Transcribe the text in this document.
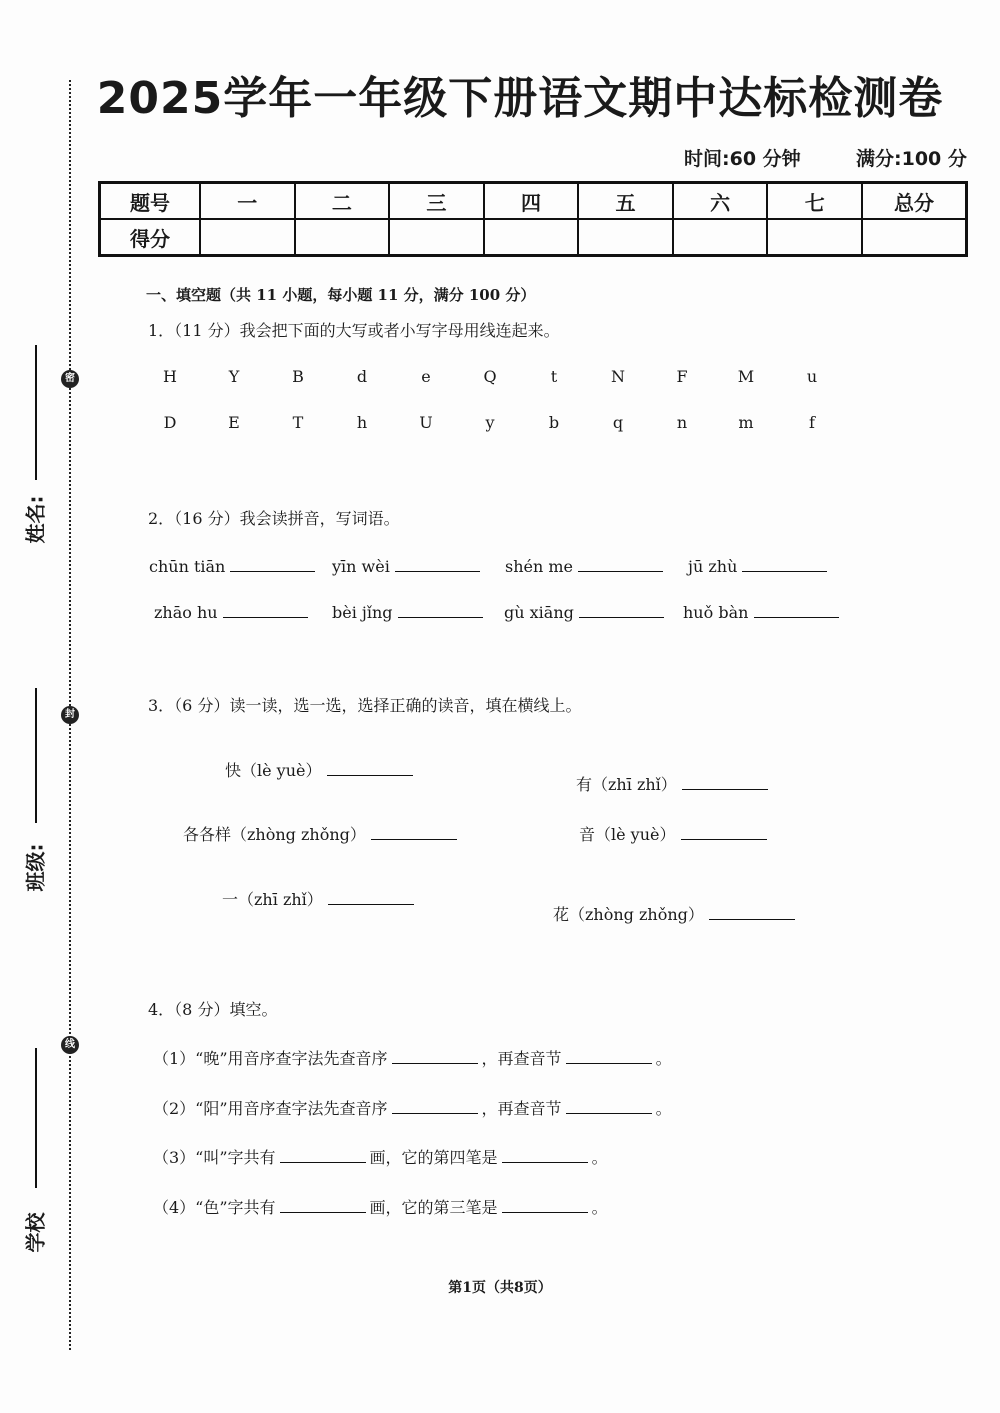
2025学年一年级下册语文期中达标检测卷
时间:60 分钟	满分:100 分
题号	一	二	三	四	五	六	七	总分
得分								
密
封
线
姓名:
班级:
学校
一、填空题（共 11 小题，每小题 11 分，满分 100 分）
1．（11 分）我会把下面的大写或者小写字母用线连起来。
H	Y	B	d	e	Q	t	N	F	M	u
D	E	T	h	U	y	b	q	n	m	f
2．（16 分）我会读拼音，写词语。
chūn tiān	yīn wèi	shén me	jū zhù
zhāo hu	bèi jǐng	gù xiāng	huǒ bàn
3．（6 分）读一读，选一选，选择正确的读音，填在横线上。
快（lè yuè）
有（zhī zhǐ）
各各样（zhòng zhǒng）	音（lè yuè）
一（zhī zhǐ）
花（zhòng zhǒng）
4．（8 分）填空。
（1）“晚”用音序查字法先查音序	，再查音节	。
（2）“阳”用音序查字法先查音序	，再查音节	。
（3）“叫”字共有	画，它的第四笔是	。
（4）“色”字共有	画，它的第三笔是	。
第1页（共8页）
